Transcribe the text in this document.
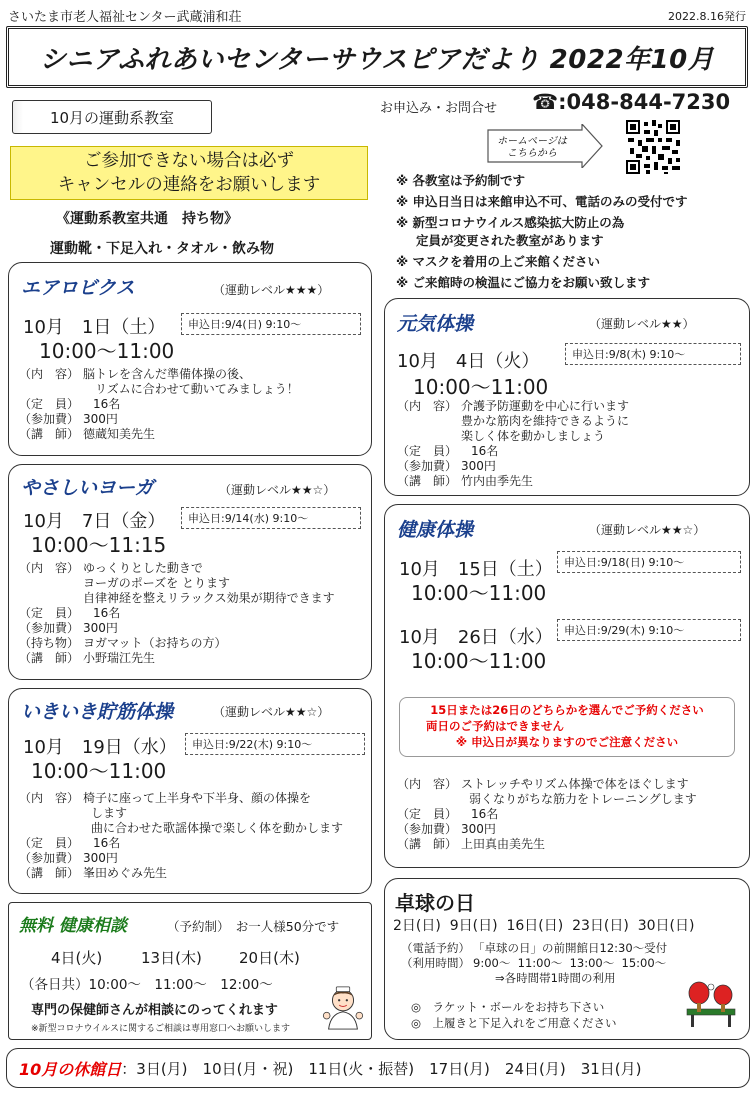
さいたま市老人福祉センター武蔵浦和荘	2022.8.16発行
シニアふれあいセンターサウスピアだより 2022年10月
10月の運動系教室	お申込み・お問合せ ☎:048-844-7230
ホームページは
こちらから
ご参加できない場合は必ず
キャンセルの連絡をお願いします	※ 各教室は予約制です
※ 申込日当日は来館申込不可、電話のみの受付です
※ 新型コロナウイルス感染拡大防止の為
定員が変更された教室があります
※ マスクを着用の上ご来館ください
※ ご来館時の検温にご協力をお願い致します
《運動系教室共通　持ち物》
運動靴・下足入れ・タオル・飲み物
エアロビクス	（運動レベル★★★）
10月　1日（土）	申込日:9/4(日) 9:10～
10:00～11:00
（内　容） 脳トレを含んだ準備体操の後、
リズムに合わせて動いてみましょう！
（定　員）	16名
（参加費） 300円
（講　師） 德蔵知美先生
やさしいヨーガ	（運動レベル★★☆）
10月　7日（金）	申込日:9/14(水) 9:10～
10:00～11:15
（内　容） ゆっくりとした動きで
ヨーガのポーズを とります
自律神経を整えリラックス効果が期待できます
（定　員）	16名
（参加費） 300円
（持ち物） ヨガマット（お持ちの方）
（講　師） 小野瑞江先生
いきいき貯筋体操	（運動レベル★★☆）
10月　19日（水）	申込日:9/22(木) 9:10～
10:00～11:00
（内　容） 椅子に座って上半身や下半身、顔の体操を
します
曲に合わせた歌謡体操で楽しく体を動かします
（定　員）	16名
（参加費） 300円
（講　師） 峯田めぐみ先生
元気体操	（運動レベル★★）
10月　4日（火）	申込日:9/8(木) 9:10～
10:00～11:00
（内　容） 介護予防運動を中心に行います
豊かな筋肉を維持できるように
楽しく体を動かしましょう
（定　員）	16名
（参加費） 300円
（講　師） 竹内由季先生
健康体操	（運動レベル★★☆）
10月　15日（土）	申込日:9/18(日) 9:10～
10:00～11:00
10月　26日（水）	申込日:9/29(木) 9:10～
10:00～11:00
15日または26日のどちらかを選んでご予約ください
両日のご予約はできません
※ 申込日が異なりますのでご注意ください
（内　容） ストレッチやリズム体操で体をほぐします
弱くなりがちな筋力をトレーニングします
（定　員）	16名
（参加費） 300円
（講　師） 上田真由美先生
無料 健康相談	（予約制）　お一人様50分です
4日(火)	13日(木) 20日(木)
（各日共）10:00～　11:00～　12:00～
専門の保健師さんが相談にのってくれます
※新型コロナウイルスに関するご相談は専用窓口へお願いします
卓球の日
2日(日)  9日(日)  16日(日)  23日(日)  30日(日)
（電話予約） 「卓球の日」の前開館日12:30～受付
（利用時間） 9:00～  11:00～  13:00～  15:00～
⇒各時間帯1時間の利用
◎　ラケット・ボールをお持ち下さい
◎　上履きと下足入れをご用意ください
10月の休館日 ：3日(月)　10日(月・祝)　11日(火・振替)　17日(月)　24日(月)　31日(月)
